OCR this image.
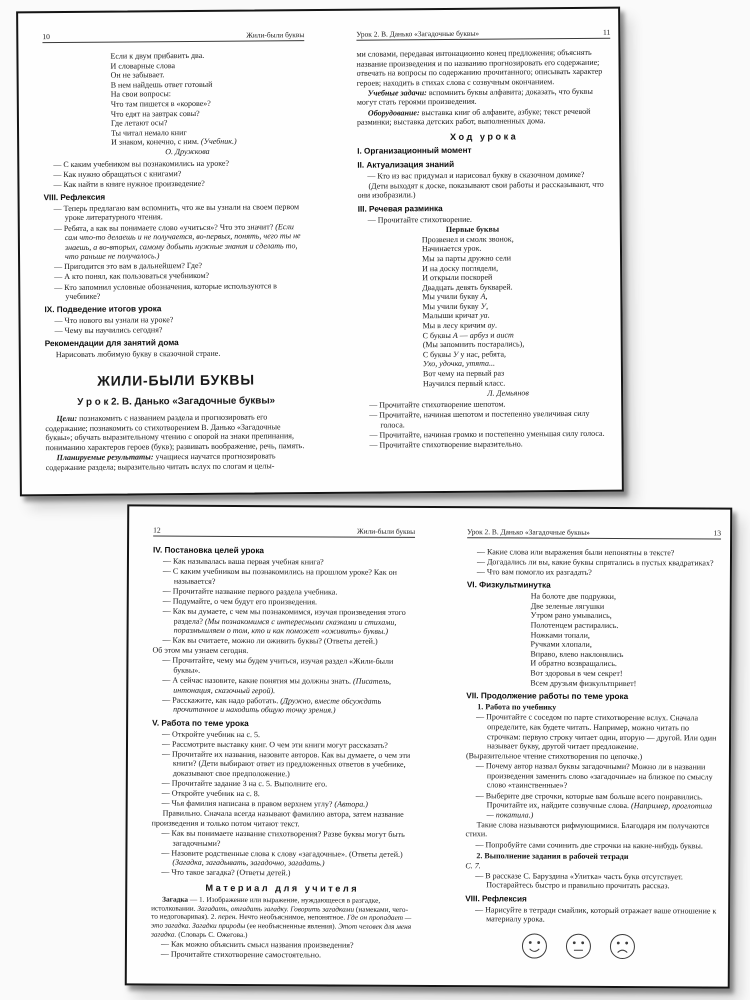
10	Жили-были буквы
Если к двум прибавить два.
И словарные слова
Он не забывает.
В нем найдешь ответ готовый
На свои вопросы:
Что там пишется в «корове»?
Что едят на завтрак совы?
Где летают осы?
Ты читал немало книг
И знаком, конечно, с ним. (Учебник.)
О. Дружкова
— С каким учебником вы познакомились на уроке?
— Как нужно обращаться с книгами?
— Как найти в книге нужное произведение?
VIII. Рефлексия
— Теперь предлагаю вам вспомнить, что же вы узнали на своем первом уроке литературного чтения.
— Ребята, а как вы понимаете слово «учиться»? Что это значит? (Если сам что-то делаешь и не получается, во-первых, понять, чего ты не знаешь, а во-вторых, самому добыть нужные знания и сделать то, что раньше не получалось.)
— Пригодится это вам в дальнейшем? Где?
— А кто понял, как пользоваться учебником?
— Кто запомнил условные обозначения, которые используются в учебнике?
IX. Подведение итогов урока
— Что нового вы узнали на уроке?
— Чему вы научились сегодня?
Рекомендации для занятий дома
Нарисовать любимую букву в сказочной стране.
ЖИЛИ-БЫЛИ БУКВЫ
У р о к 2. В. Данько «Загадочные буквы»
Цели: познакомить с названием раздела и прогнозировать его содержание; познакомить со стихотворением В. Данько «Загадочные буквы»; обучать выразительному чтению с опорой на знаки препинания, пониманию характеров героев (букв); развивать воображение, речь, память.
Планируемые результаты: учащиеся научатся прогнозировать содержание раздела; выразительно читать вслух по слогам и целы-
Урок 2. В. Данько «Загадочные буквы»	11
ми словами, передавая интонационно конец предложения; объяснять название произведения и по названию прогнозировать его содержание; отвечать на вопросы по содержанию прочитанного; описывать характер героев; находить в стихах слова с созвучным окончанием.
Учебные задачи: вспомнить буквы алфавита; доказать, что буквы могут стать героями произведения.
Оборудование: выставка книг об алфавите, азбуке; текст речевой разминки; выставка детских работ, выполненных дома.
Ход урока
I. Организационный момент
II. Актуализация знаний
— Кто из вас придумал и нарисовал букву в сказочном домике?
(Дети выходят к доске, показывают свои работы и рассказывают, что они изобразили.)
III. Речевая разминка
— Прочитайте стихотворение.
Первые буквы
Прозвенел и смолк звонок,
Начинается урок.
Мы за парты дружно сели
И на доску поглядели,
И открыли поскорей
Двадцать девять букварей.
Мы учили букву А,
Мы учили букву У,
Малыши кричат уа.
Мы в лесу кричим ау.
С буквы А — арбуз и аист
(Мы запомнить постарались),
С буквы У у нас, ребята,
Ухо, удочка, утята...
Вот чему на первый раз
Научился первый класс.
Л. Демьянов
— Прочитайте стихотворение шепотом.
— Прочитайте, начиная шепотом и постепенно увеличивая силу голоса.
— Прочитайте, начиная громко и постепенно уменьшая силу голоса.
— Прочитайте стихотворение выразительно.
12	Жили-были буквы
IV. Постановка целей урока
— Как называлась ваша первая учебная книга?
— С каким учебником вы познакомились на прошлом уроке? Как он называется?
— Прочитайте название первого раздела учебника.
— Подумайте, о чем будут его произведения.
— Как вы думаете, с чем мы познакомимся, изучая произведения этого раздела? (Мы познакомимся с интересными сказками и стихами, поразмышляем о том, кто и как поможет «оживить» буквы.)
— Как вы считаете, можно ли оживить буквы? (Ответы детей.)
Об этом мы узнаем сегодня.
— Прочитайте, чему мы будем учиться, изучая раздел «Жили-были буквы».
— А сейчас назовите, какие понятия мы должны знать. (Писатель, интонация, сказочный герой).
— Расскажите, как надо работать. (Дружно, вместе обсуждать прочитанное и находить общую точку зрения.)
V. Работа по теме урока
— Откройте учебник на с. 5.
— Рассмотрите выставку книг. О чем эти книги могут рассказать?
— Прочитайте их названия, назовите авторов. Как вы думаете, о чем эти книги? (Дети выбирают ответ из предложенных ответов в учебнике, доказывают свое предположение.)
— Прочитайте задание 3 на с. 5. Выполните его.
— Откройте учебник на с. 8.
— Чья фамилия написана в правом верхнем углу? (Автора.)
Правильно. Сначала всегда называют фамилию автора, затем название произведения и только потом читают текст.
— Как вы понимаете название стихотворения? Разве буквы могут быть загадочными?
— Назовите родственные слова к слову «загадочные». (Ответы детей.) (Загадка, загадывать, загадочно, загадать.)
— Что такое загадка? (Ответы детей.)
Материал для учителя
Загадка — 1. Изображение или выражение, нуждающееся в разгадке, истолковании. Загадать, отгадать загадку. Говорить загадками (намеками, чего-то недоговаривая). 2. перен. Нечто необъяснимое, непонятное. Где он пропадает — это загадка. Загадки природы (ее необъясненные явления). Этот человек для меня загадка. (Словарь С. Ожегова.)
— Как можно объяснить смысл названия произведения?
— Прочитайте стихотворение самостоятельно.
Урок 2. В. Данько «Загадочные буквы»	13
— Какие слова или выражения были непонятны в тексте?
— Догадались ли вы, какие буквы спрятались в пустых квадратиках?
— Что вам помогло их разгадать?
VI. Физкультминутка
На болоте две подружки,
Две зеленые лягушки
Утром рано умывались,
Полотенцем растирались.
Ножками топали,
Ручками хлопали,
Вправо, влево наклонялись
И обратно возвращались.
Вот здоровья в чем секрет!
Всем друзьям физкультпривет!
VII. Продолжение работы по теме урока
1. Работа по учебнику
— Прочитайте с соседом по парте стихотворение вслух. Сначала определите, как будете читать. Например, можно читать по строчкам: первую строку читает один, вторую — другой. Или один называет букву, другой читает предложение.
(Выразительное чтение стихотворения по цепочке.)
— Почему автор назвал буквы загадочными? Можно ли в названии произведения заменить слово «загадочные» на близкое по смыслу слово «таинственные»?
— Выберите две строчки, которые вам больше всего понравились. Прочитайте их, найдите созвучные слова. (Например, проглотила — покатила.)
Такие слова называются рифмующимися. Благодаря им получаются стихи.
— Попробуйте сами сочинить две строчки на какие-нибудь буквы.
2. Выполнение задания в рабочей тетради
С. 7.
— В рассказе С. Баруздина «Улитка» часть букв отсутствует. Постарайтесь быстро и правильно прочитать рассказ.
VIII. Рефлексия
— Нарисуйте в тетради смайлик, который отражает ваше отношение к материалу урока.
